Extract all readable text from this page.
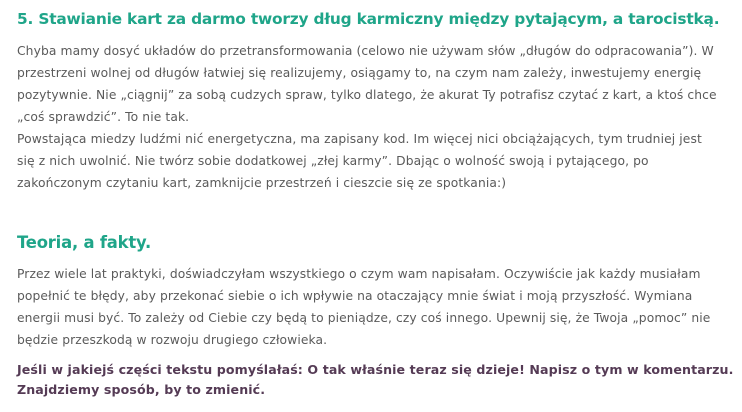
5. Stawianie kart za darmo tworzy dług karmiczny między pytającym, a tarocistką.

Chyba mamy dosyć układów do przetransformowania (celowo nie używam słów „długów do odpracowania”). W
przestrzeni wolnej od długów łatwiej się realizujemy, osiągamy to, na czym nam zależy, inwestujemy energię
pozytywnie. Nie „ciągnij” za sobą cudzych spraw, tylko dlatego, że akurat Ty potrafisz czytać z kart, a ktoś chce
„coś sprawdzić”. To nie tak.
Powstająca miedzy ludźmi nić energetyczna, ma zapisany kod. Im więcej nici obciążających, tym trudniej jest
się z nich uwolnić. Nie twórz sobie dodatkowej „złej karmy”. Dbając o wolność swoją i pytającego, po
zakończonym czytaniu kart, zamknijcie przestrzeń i cieszcie się ze spotkania:)

Teoria, a fakty.

Przez wiele lat praktyki, doświadczyłam wszystkiego o czym wam napisałam. Oczywiście jak każdy musiałam
popełnić te błędy, aby przekonać siebie o ich wpływie na otaczający mnie świat i moją przyszłość. Wymiana
energii musi być. To zależy od Ciebie czy będą to pieniądze, czy coś innego. Upewnij się, że Twoja „pomoc” nie
będzie przeszkodą w rozwoju drugiego człowieka.

Jeśli w jakiejś części tekstu pomyślałaś: O tak właśnie teraz się dzieje! Napisz o tym w komentarzu.
Znajdziemy sposób, by to zmienić.
